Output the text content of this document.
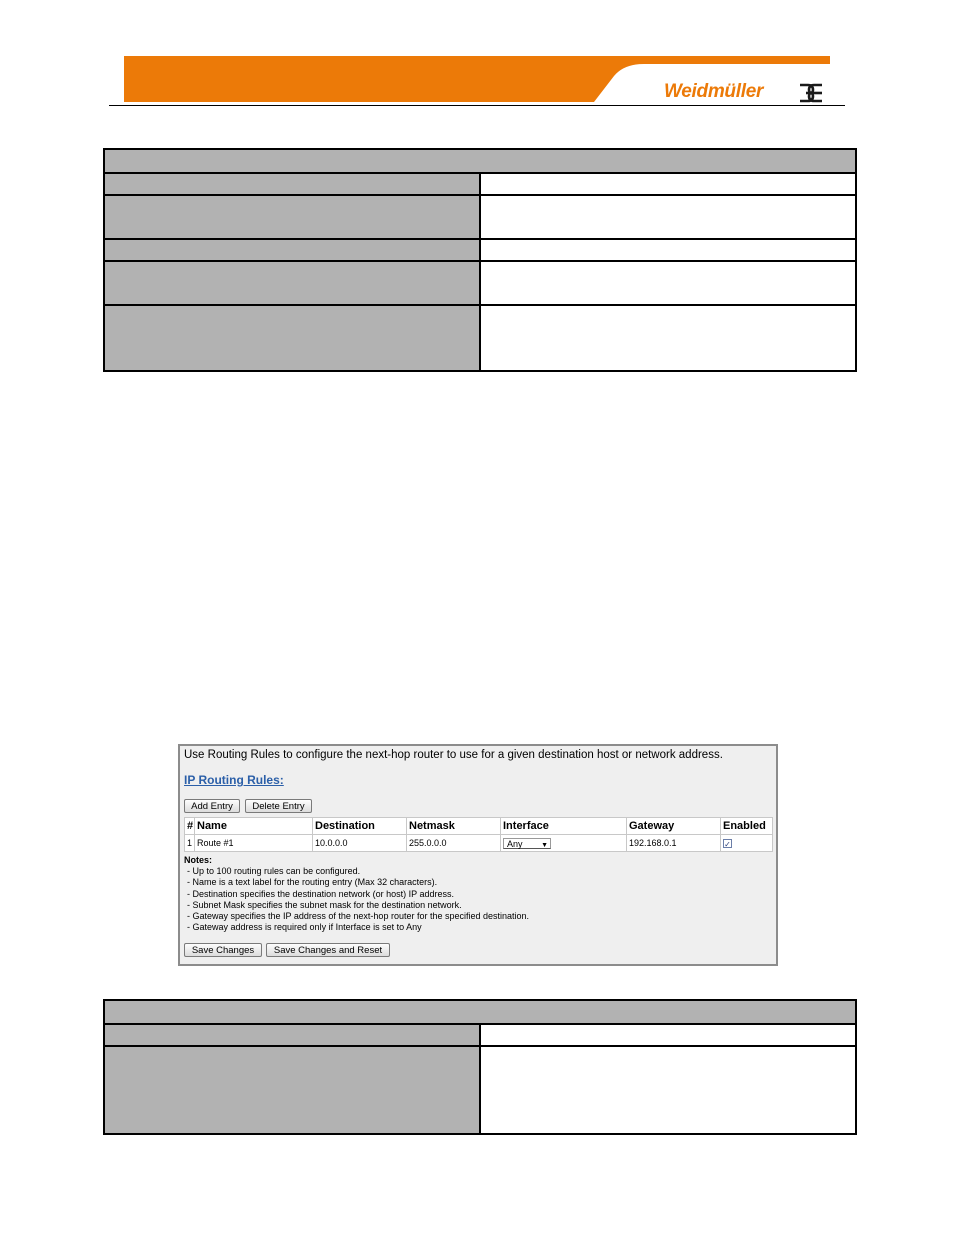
Weidmüller

Use Routing Rules to configure the next-hop router to use for a given destination host or network address.
IP Routing Rules:
Add Entry	Delete Entry
#	Name	Destination	Netmask	Interface	Gateway	Enabled
1	Route #1	10.0.0.0	255.0.0.0	Any ▼	192.168.0.1	✓
Notes:
- Up to 100 routing rules can be configured.
- Name is a text label for the routing entry (Max 32 characters).
- Destination specifies the destination network (or host) IP address.
- Subnet Mask specifies the subnet mask for the destination network.
- Gateway specifies the IP address of the next-hop router for the specified destination.
- Gateway address is required only if Interface is set to Any
Save Changes	Save Changes and Reset
